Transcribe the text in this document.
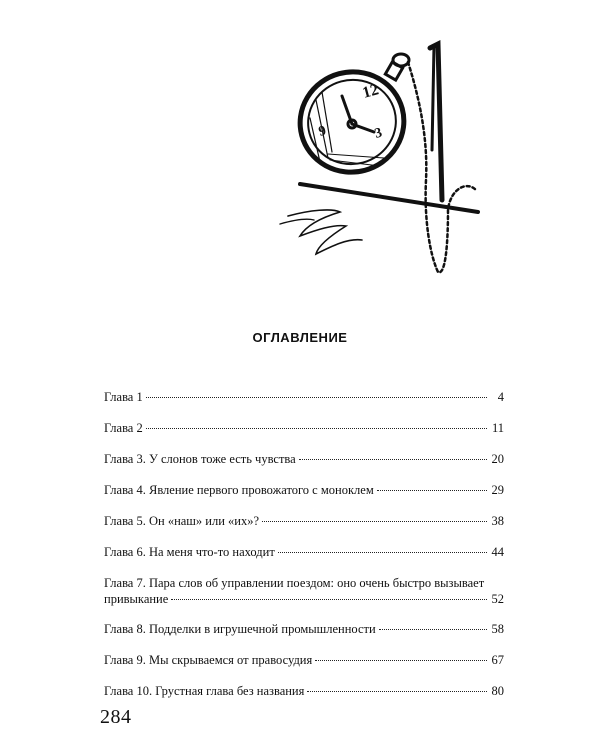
12
3
9
ОГЛАВЛЕНИЕ
Глава 1	4
Глава 2	11
Глава 3. У слонов тоже есть чувства	20
Глава 4. Явление первого провожатого с моноклем	29
Глава 5. Он «наш» или «их»?	38
Глава 6. На меня что-то находит	44
Глава 7. Пара слов об управлении поездом: оно очень быстро вызывает
привыкание	52
Глава 8. Подделки в игрушечной промышленности	58
Глава 9. Мы скрываемся от правосудия	67
Глава 10. Грустная глава без названия	80
284
